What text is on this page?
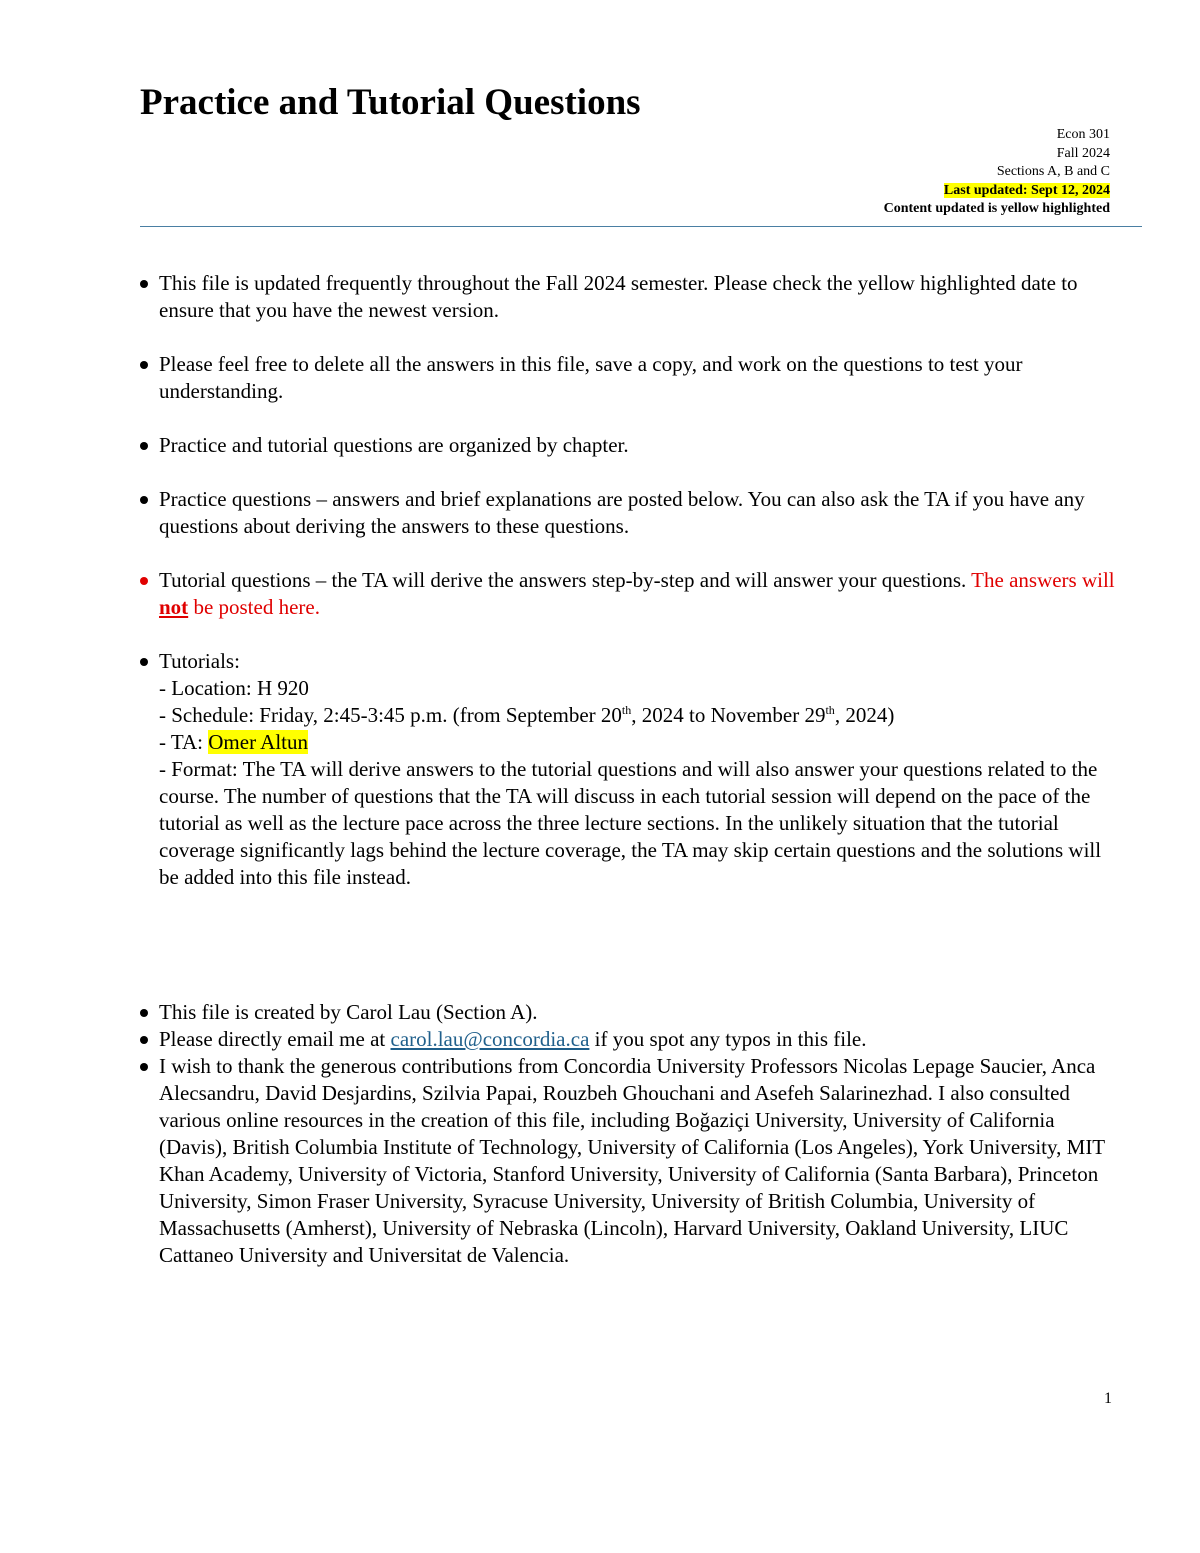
Practice and Tutorial Questions
Econ 301
Fall 2024
Sections A, B and C
Last updated: Sept 12, 2024
Content updated is yellow highlighted
This file is updated frequently throughout the Fall 2024 semester. Please check the yellow highlighted date to ensure that you have the newest version.
Please feel free to delete all the answers in this file, save a copy, and work on the questions to test your understanding.
Practice and tutorial questions are organized by chapter.
Practice questions – answers and brief explanations are posted below. You can also ask the TA if you have any questions about deriving the answers to these questions.
Tutorial questions – the TA will derive the answers step-by-step and will answer your questions. The answers will not be posted here.
Tutorials:
- Location: H 920
- Schedule: Friday, 2:45-3:45 p.m. (from September 20th, 2024 to November 29th, 2024)
- TA: Omer Altun
- Format: The TA will derive answers to the tutorial questions and will also answer your questions related to the course. The number of questions that the TA will discuss in each tutorial session will depend on the pace of the tutorial as well as the lecture pace across the three lecture sections. In the unlikely situation that the tutorial coverage significantly lags behind the lecture coverage, the TA may skip certain questions and the solutions will be added into this file instead.
This file is created by Carol Lau (Section A).
Please directly email me at carol.lau@concordia.ca if you spot any typos in this file.
I wish to thank the generous contributions from Concordia University Professors Nicolas Lepage Saucier, Anca Alecsandru, David Desjardins, Szilvia Papai, Rouzbeh Ghouchani and Asefeh Salarinezhad. I also consulted various online resources in the creation of this file, including Boğaziçi University, University of California (Davis), British Columbia Institute of Technology, University of California (Los Angeles), York University, MIT Khan Academy, University of Victoria, Stanford University, University of California (Santa Barbara), Princeton University, Simon Fraser University, Syracuse University, University of British Columbia, University of Massachusetts (Amherst), University of Nebraska (Lincoln), Harvard University, Oakland University, LIUC Cattaneo University and Universitat de Valencia.
1
